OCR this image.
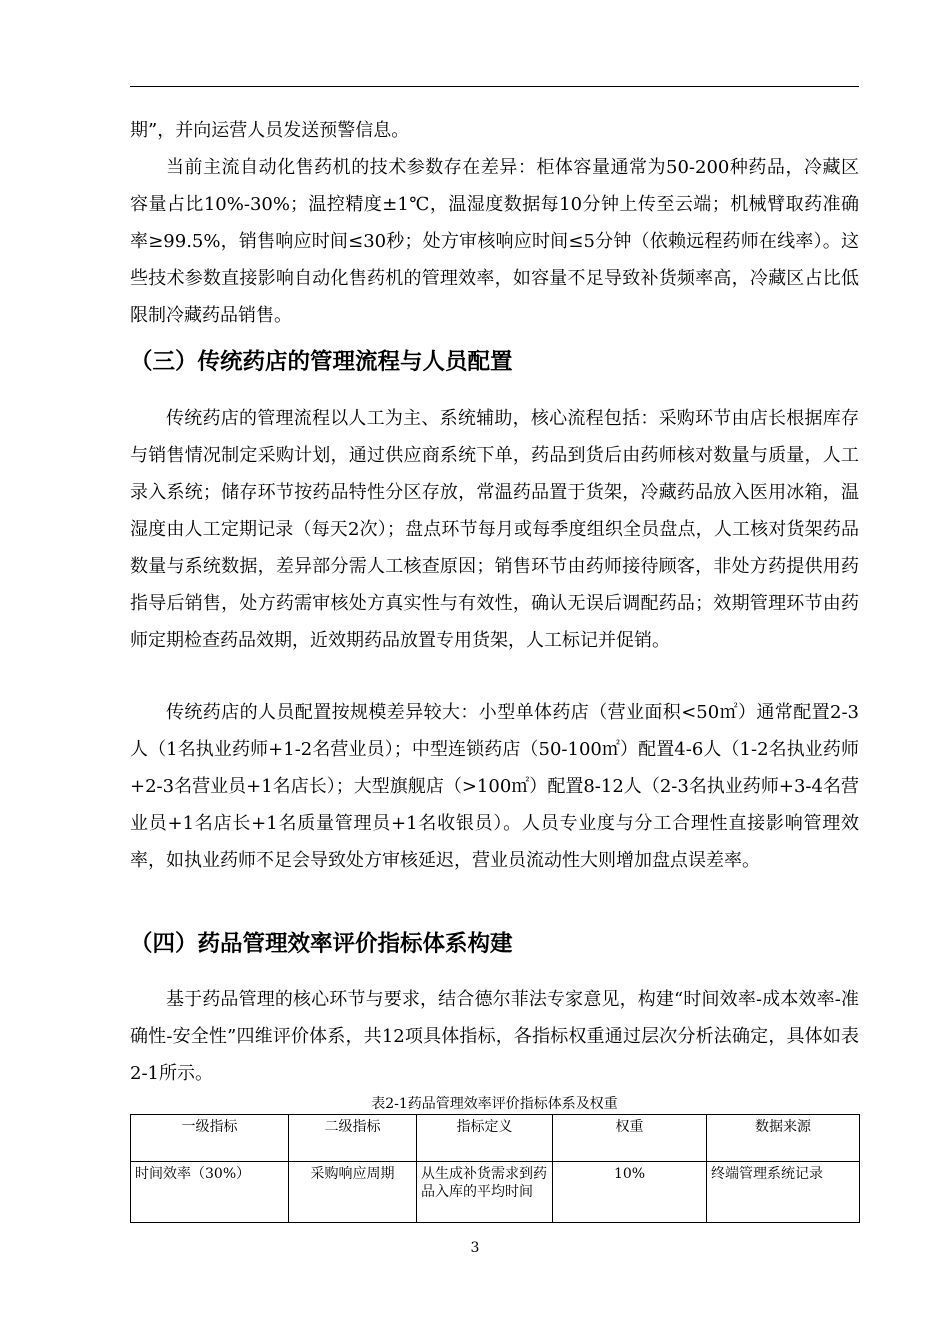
期”，并向运营人员发送预警信息。

当前主流自动化售药机的技术参数存在差异：柜体容量通常为50-200种药品，冷藏区容量占比10%-30%；温控精度±1℃，温湿度数据每10分钟上传至云端；机械臂取药准确率≥99.5%，销售响应时间≤30秒；处方审核响应时间≤5分钟（依赖远程药师在线率）。这些技术参数直接影响自动化售药机的管理效率，如容量不足导致补货频率高，冷藏区占比低限制冷藏药品销售。

（三）传统药店的管理流程与人员配置

传统药店的管理流程以人工为主、系统辅助，核心流程包括：采购环节由店长根据库存与销售情况制定采购计划，通过供应商系统下单，药品到货后由药师核对数量与质量，人工录入系统；储存环节按药品特性分区存放，常温药品置于货架，冷藏药品放入医用冰箱，温湿度由人工定期记录（每天2次）；盘点环节每月或每季度组织全员盘点，人工核对货架药品数量与系统数据，差异部分需人工核查原因；销售环节由药师接待顾客，非处方药提供用药指导后销售，处方药需审核处方真实性与有效性，确认无误后调配药品；效期管理环节由药师定期检查药品效期，近效期药品放置专用货架，人工标记并促销。

传统药店的人员配置按规模差异较大：小型单体药店（营业面积<50㎡）通常配置2-3人（1名执业药师+1-2名营业员）；中型连锁药店（50-100㎡）配置4-6人（1-2名执业药师+2-3名营业员+1名店长）；大型旗舰店（>100㎡）配置8-12人（2-3名执业药师+3-4名营业员+1名店长+1名质量管理员+1名收银员）。人员专业度与分工合理性直接影响管理效率，如执业药师不足会导致处方审核延迟，营业员流动性大则增加盘点误差率。

（四）药品管理效率评价指标体系构建

基于药品管理的核心环节与要求，结合德尔菲法专家意见，构建“时间效率-成本效率-准确性-安全性”四维评价体系，共12项具体指标，各指标权重通过层次分析法确定，具体如表2-1所示。

表2-1药品管理效率评价指标体系及权重

一级指标	二级指标	指标定义	权重	数据来源
时间效率（30%）	采购响应周期	从生成补货需求到药品入库的平均时间	10%	终端管理系统记录
3
